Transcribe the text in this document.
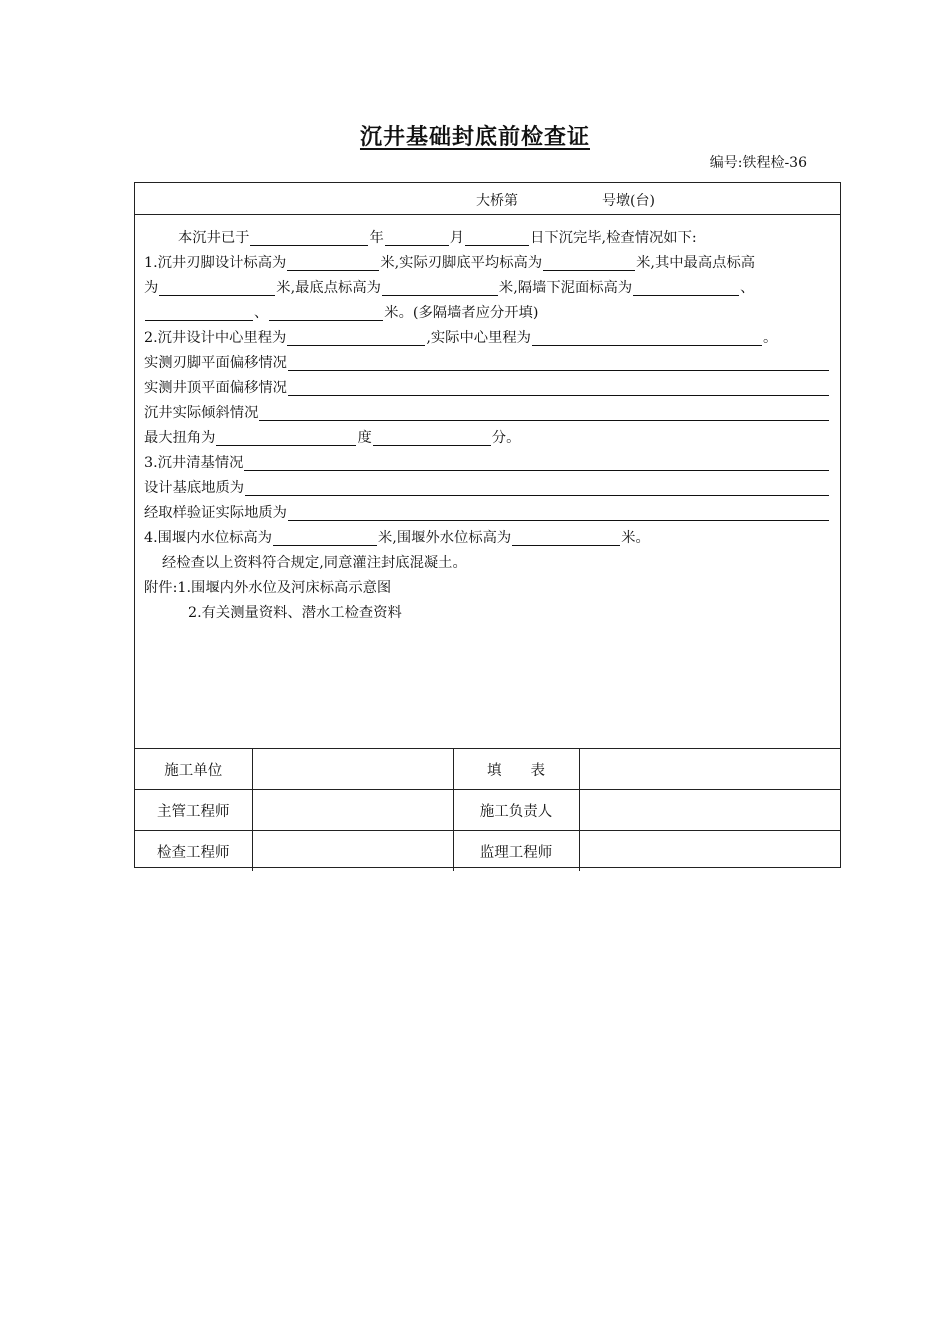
沉井基础封底前检查证
编号:铁程检-36
大桥第	号墩(台)
本沉井已于	年	月	日下沉完毕,检查情况如下:
1.沉井刃脚设计标高为	米,实际刃脚底平均标高为	米,其中最高点标高
为	米,最底点标高为	米,隔墙下泥面标高为	、
、	米。(多隔墙者应分开填)
2.沉井设计中心里程为	,实际中心里程为	。
实测刃脚平面偏移情况
实测井顶平面偏移情况
沉井实际倾斜情况
最大扭角为	度	分。
3.沉井清基情况
设计基底地质为
经取样验证实际地质为
4.围堰内水位标高为	米,围堰外水位标高为	米。
经检查以上资料符合规定,同意灌注封底混凝土。
附件:1.围堰内外水位及河床标高示意图
2.有关测量资料、潜水工检查资料
施工单位		填　　表	
主管工程师		施工负责人	
检查工程师		监理工程师	
